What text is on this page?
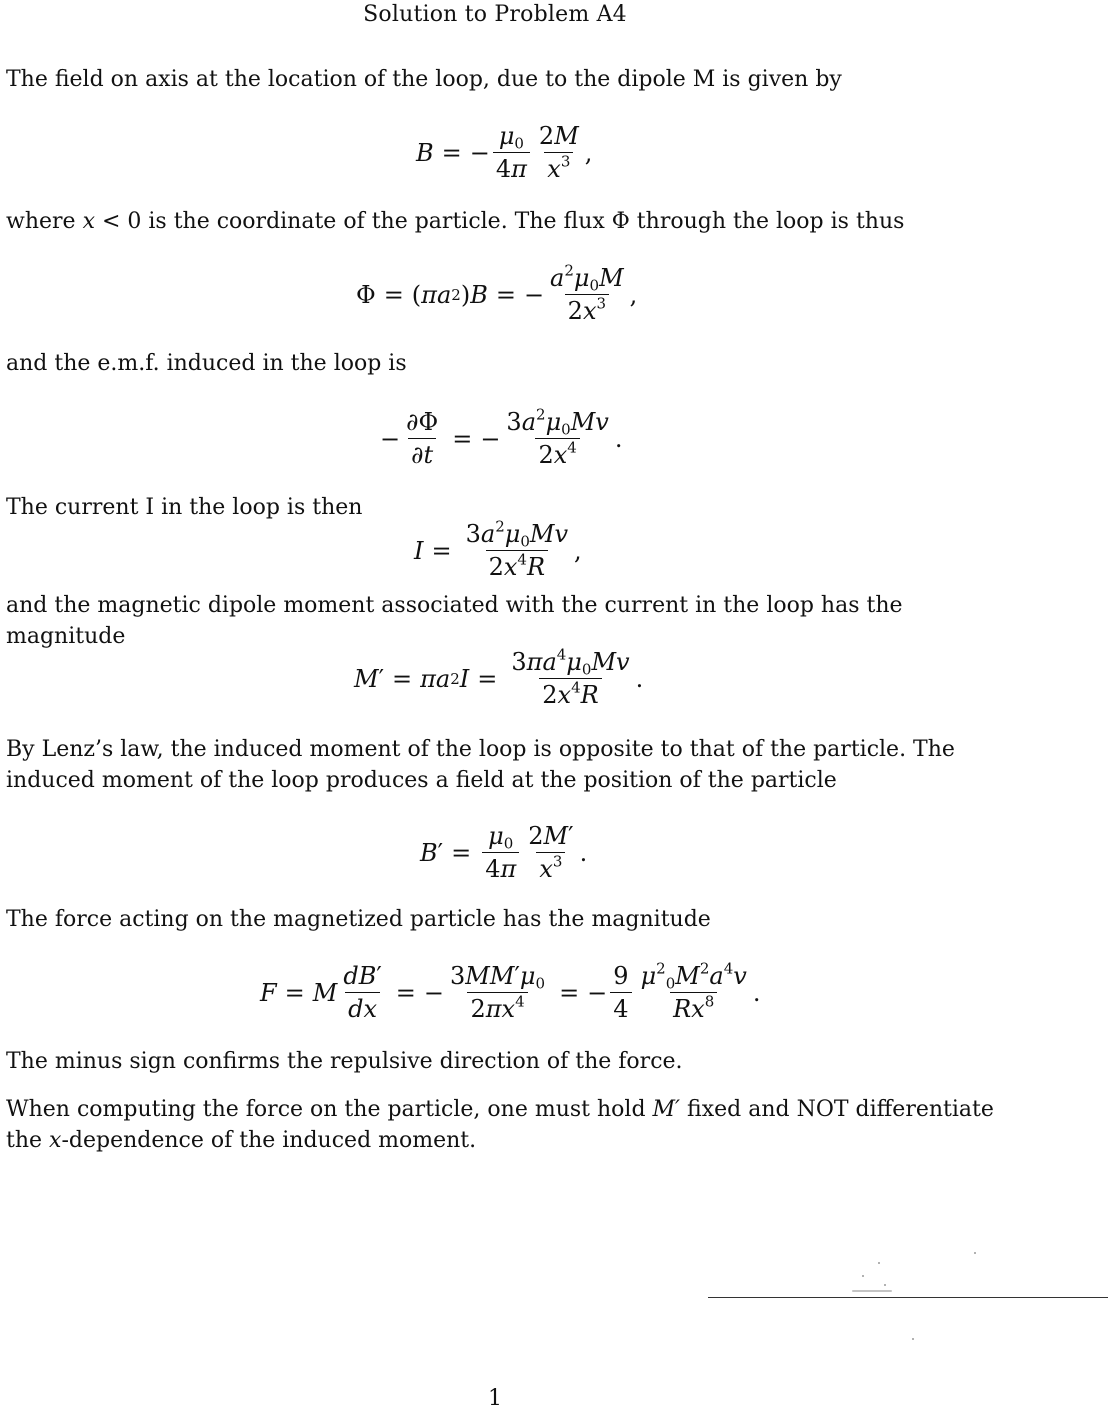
Solution to Problem A4

The field on axis at the location of the loop, due to the dipole M is given by

B = − $\frac{\mu_0}{4\pi} \frac{2M}{x^3}$ ,

where x < 0 is the coordinate of the particle. The flux Φ through the loop is thus

Φ = ( π a 2 ) B = − $\frac{a^2\mu_0M}{2x^3}$ ,

and the e.m.f. induced in the loop is

− $\frac{\partial\Phi}{\partial t}$ = − $\frac{3a^2\mu_0Mv}{2x^4}$ .

The current I in the loop is then

$I = \frac{3a^2\mu_0Mv}{2x^4R}$ ,

and the magnetic dipole moment associated with the current in the loop has the magnitude

M ′ = π a 2 $I = \frac{3\pi a^4\mu_0Mv}{2x^4R}$ .

By Lenz’s law, the induced moment of the loop is opposite to that of the particle. The induced moment of the loop produces a field at the position of the particle

B ′ = $\frac{\mu_0}{4\pi} \frac{2M'}{x^3}$ .

The force acting on the magnetized particle has the magnitude

F = M $\frac{dB'}{dx}$ = − $\frac{3MM'\mu_0}{2\pi x^4}$ = − $\frac{9}{4} \frac{\mu^2_0M^2a^4v}{Rx^8}$ .

The minus sign confirms the repulsive direction of the force.

When computing the force on the particle, one must hold M′ fixed and NOT differentiate the x-dependence of the induced moment.

1
